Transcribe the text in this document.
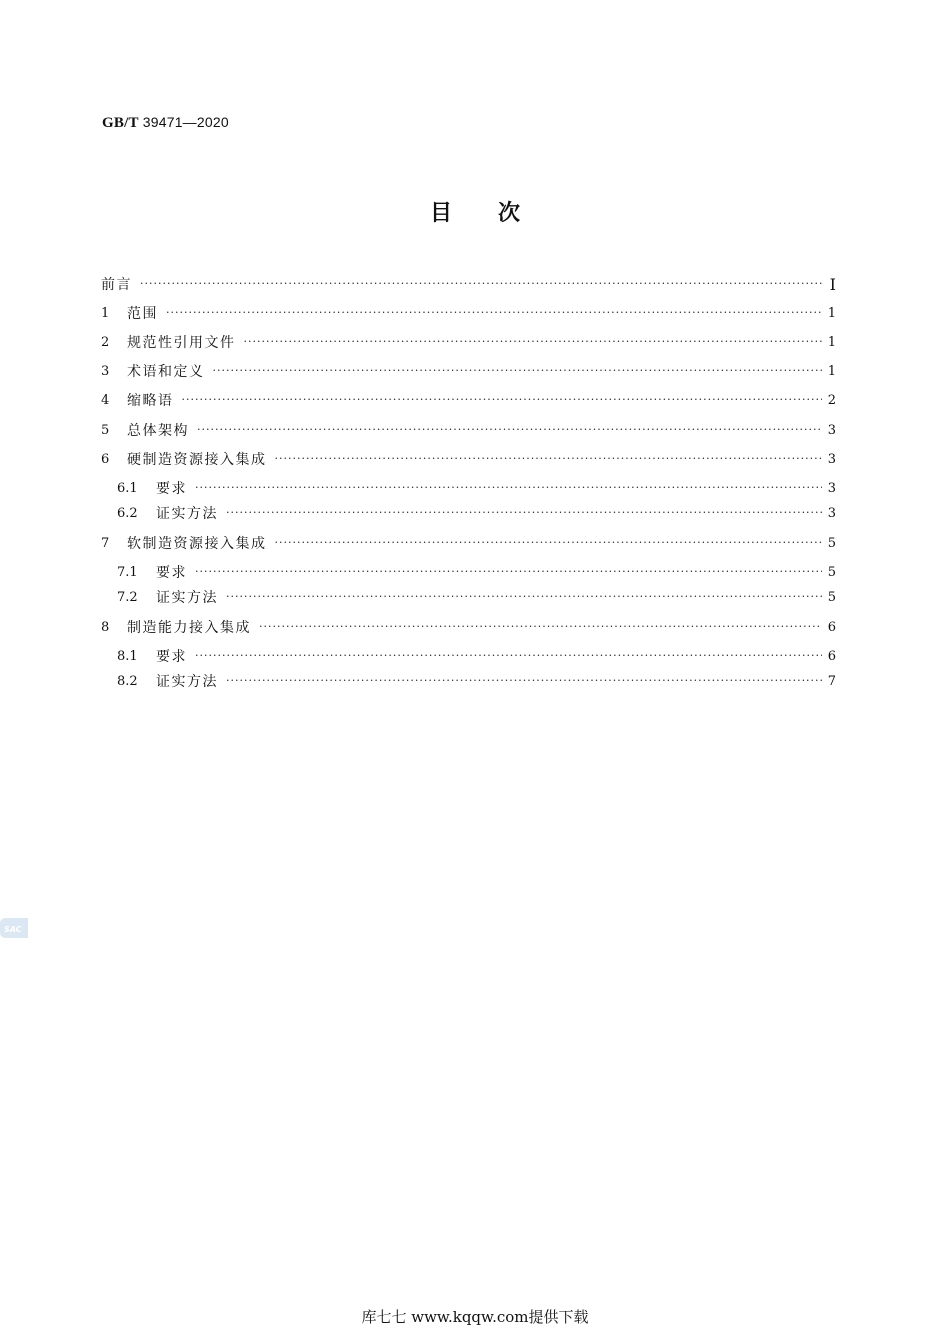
GB/T 39471—2020
目次
前言 ·····	Ⅰ
1	范围 ·····	1
2	规范性引用文件 ·····	1
3	术语和定义 ·····	1
4	缩略语 ·····	2
5	总体架构 ·····	3
6	硬制造资源接入集成 ·····	3
6.1	要求 ·····	3
6.2	证实方法 ·····	3
7	软制造资源接入集成 ·····	5
7.1	要求 ·····	5
7.2	证实方法 ·····	5
8	制造能力接入集成 ·····	6
8.1	要求 ·····	6
8.2	证实方法 ·····	7
SAC
库七七 www.kqqw.com提供下载
